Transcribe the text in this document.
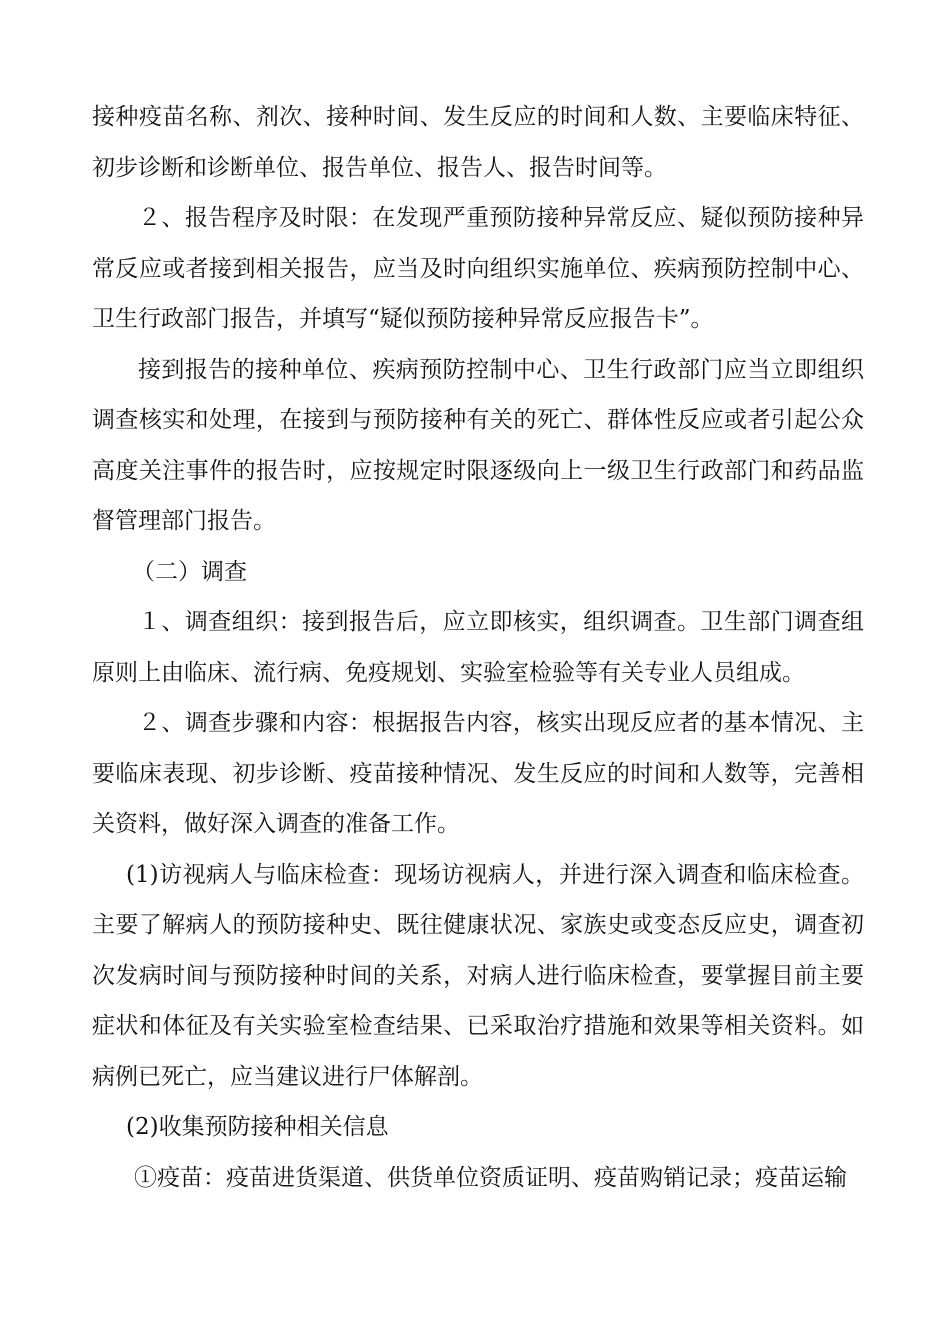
接种疫苗名称、剂次、接种时间、发生反应的时间和人数、主要临床特征、初步诊断和诊断单位、报告单位、报告人、报告时间等。

２、报告程序及时限：在发现严重预防接种异常反应、疑似预防接种异常反应或者接到相关报告，应当及时向组织实施单位、疾病预防控制中心、卫生行政部门报告，并填写“疑似预防接种异常反应报告卡”。

接到报告的接种单位、疾病预防控制中心、卫生行政部门应当立即组织调查核实和处理，在接到与预防接种有关的死亡、群体性反应或者引起公众高度关注事件的报告时，应按规定时限逐级向上一级卫生行政部门和药品监督管理部门报告。

（二）调查

１、调查组织：接到报告后，应立即核实，组织调查。卫生部门调查组原则上由临床、流行病、免疫规划、实验室检验等有关专业人员组成。

２、调查步骤和内容：根据报告内容，核实出现反应者的基本情况、主要临床表现、初步诊断、疫苗接种情况、发生反应的时间和人数等，完善相关资料，做好深入调查的准备工作。

(1)访视病人与临床检查：现场访视病人，并进行深入调查和临床检查。主要了解病人的预防接种史、既往健康状况、家族史或变态反应史，调查初次发病时间与预防接种时间的关系，对病人进行临床检查，要掌握目前主要症状和体征及有关实验室检查结果、已采取治疗措施和效果等相关资料。如病例已死亡，应当建议进行尸体解剖。

(2)收集预防接种相关信息

①疫苗：疫苗进货渠道、供货单位资质证明、疫苗购销记录；疫苗运输
